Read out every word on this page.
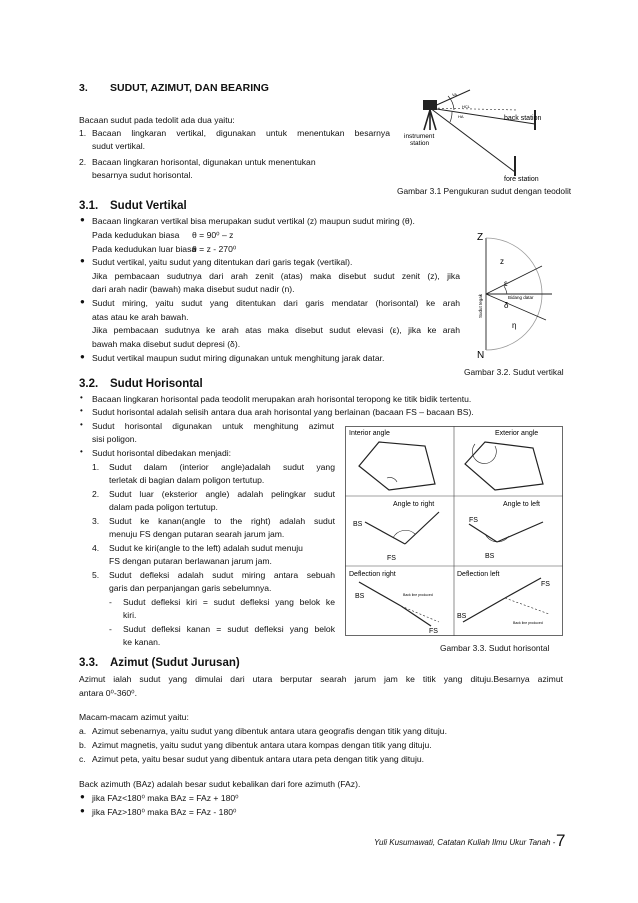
3. SUDUT, AZIMUT, DAN BEARING
Bacaan sudut pada tedolit ada dua yaitu:
1. Bacaan lingkaran vertikal, digunakan untuk menentukan besarnya
sudut vertikal.
2. Bacaan lingkaran horisontal, digunakan untuk menentukan
besarnya sudut horisontal.
instrument
station
back station
fore station
VA
HCL
HA
Gambar 3.1 Pengukuran sudut dengan teodolit
3.1. Sudut Vertikal
● Bacaan lingkaran vertikal bisa merupakan sudut vertikal (z) maupun sudut miring (θ).
Pada kedudukan biasa θ = 90⁰ – z
Pada kedudukan luar biasa
θ = z - 270⁰
● Sudut vertikal, yaitu sudut yang ditentukan dari garis tegak (vertikal).
Jika pembacaan sudutnya dari arah zenit (atas) maka disebut sudut zenit (z), jika
dari arah nadir (bawah) maka disebut sudut nadir (n).
● Sudut miring, yaitu sudut yang ditentukan dari garis mendatar (horisontal) ke arah
atas atau ke arah bawah.
Jika pembacaan sudutnya ke arah atas maka disebut sudut elevasi (ε), jika ke arah
bawah maka disebut sudut depresi (δ).
● Sudut vertikal maupun sudut miring digunakan untuk menghitung jarak datar.
Z
N
z
ε
δ
η
Bidang datar
Sudut tegak
Gambar 3.2. Sudut vertikal
3.2. Sudut Horisontal
• Bacaan lingkaran horisontal pada teodolit merupakan arah horisontal teropong ke titik bidik tertentu.
• Sudut horisontal adalah selisih antara dua arah horisontal yang berlainan (bacaan FS – bacaan BS).
• Sudut horisontal digunakan untuk menghitung azimut
sisi poligon.
• Sudut horisontal dibedakan menjadi:
1. Sudut dalam (interior angle)adalah sudut yang
terletak di bagian dalam poligon tertutup.
2. Sudut luar (eksterior angle) adalah pelingkar sudut
dalam pada poligon tertutup.
3. Sudut ke kanan(angle to the right) adalah sudut
menuju FS dengan putaran searah jarum jam.
4. Sudut ke kiri(angle to the left) adalah sudut menuju
FS dengan putaran berlawanan jarum jam.
5. Sudut defleksi adalah sudut miring antara sebuah
garis dan perpanjangan garis sebelumnya.
- Sudut defleksi kiri = sudut defleksi yang belok ke
kiri.
- Sudut defleksi kanan = sudut defleksi yang belok
ke kanan.
Interior angle	Exterior angle
Angle to right
BS
FS
Angle to left
FS
BS
Deflection right
BS
FS
Back line produced
Deflection left
BS
FS
Back line produced
Gambar 3.3. Sudut horisontal
3.3. Azimut (Sudut Jurusan)
Azimut ialah sudut yang dimulai dari utara berputar searah jarum jam ke titik yang dituju.Besarnya azimut
antara 0⁰-360⁰.
Macam-macam azimut yaitu:
a. Azimut sebenarnya, yaitu sudut yang dibentuk antara utara geografis dengan titik yang dituju.
b. Azimut magnetis, yaitu sudut yang dibentuk antara utara kompas dengan titik yang dituju.
c. Azimut peta, yaitu besar sudut yang dibentuk antara utara peta dengan titik yang dituju.
Back azimuth (BAz) adalah besar sudut kebalikan dari fore azimuth (FAz).
● jika FAz<180⁰ maka BAz = FAz + 180⁰
● jika FAz>180⁰ maka BAz = FAz - 180⁰
Yuli Kusumawati, Catatan Kuliah Ilmu Ukur Tanah - 7
